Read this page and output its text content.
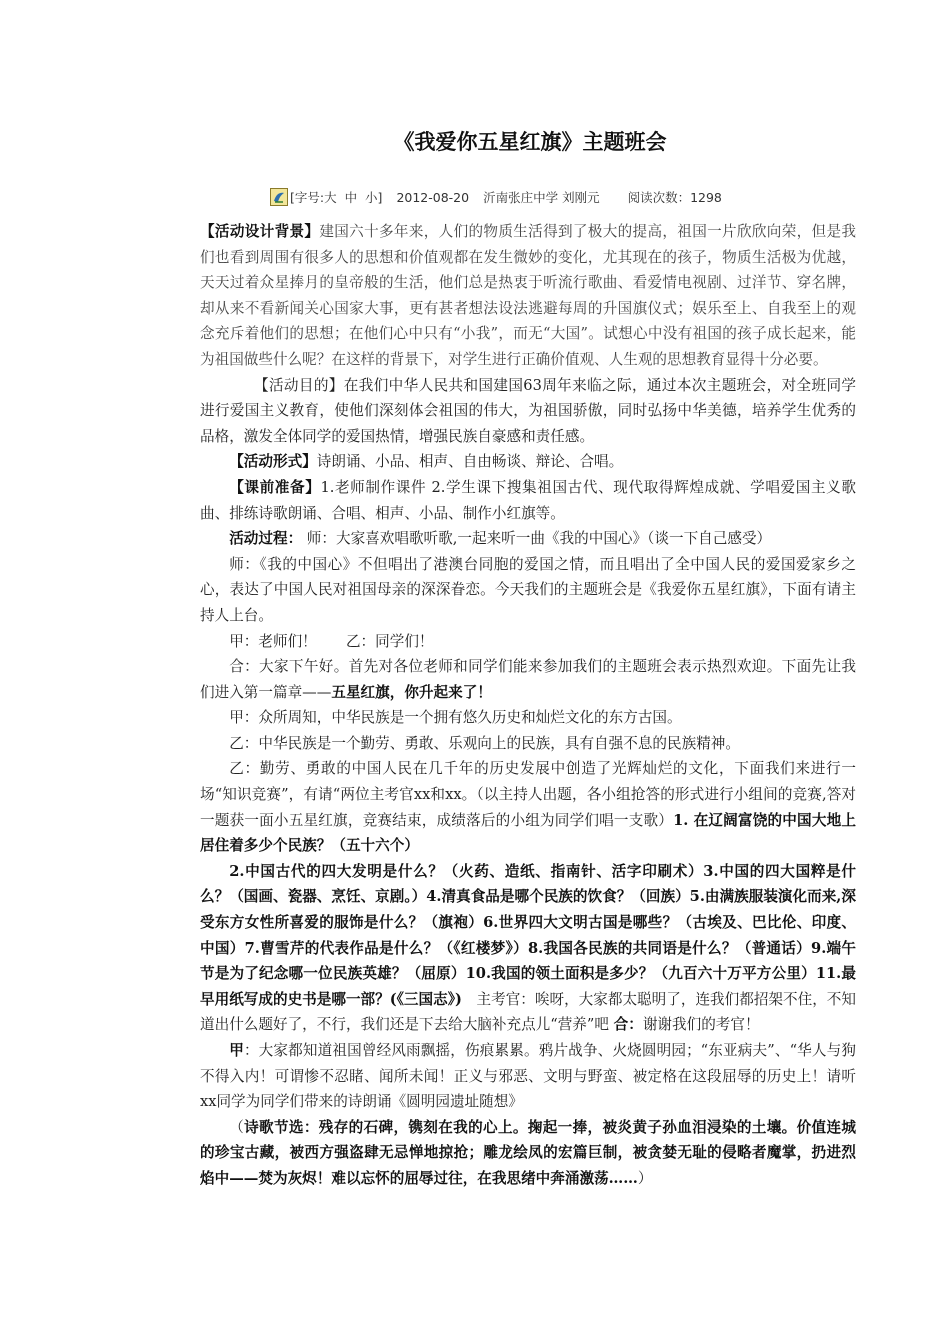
《我爱你五星红旗》主题班会
[字号:大 中 小] 2012-08-20 沂南张庄中学 刘刚元 阅读次数：1298

【活动设计背景】建国六十多年来，人们的物质生活得到了极大的提高，祖国一片欣欣向荣，但是我们也看到周围有很多人的思想和价值观都在发生微妙的变化，尤其现在的孩子，物质生活极为优越，天天过着众星捧月的皇帝般的生活，他们总是热衷于听流行歌曲、看爱情电视剧、过洋节、穿名牌，却从来不看新闻关心国家大事，更有甚者想法设法逃避每周的升国旗仪式；娱乐至上、自我至上的观念充斥着他们的思想；在他们心中只有“小我”，而无“大国”。试想心中没有祖国的孩子成长起来，能为祖国做些什么呢？在这样的背景下，对学生进行正确价值观、人生观的思想教育显得十分必要。

【活动目的】在我们中华人民共和国建国63周年来临之际，通过本次主题班会，对全班同学进行爱国主义教育，使他们深刻体会祖国的伟大，为祖国骄傲，同时弘扬中华美德，培养学生优秀的品格，激发全体同学的爱国热情，增强民族自豪感和责任感。

【活动形式】诗朗诵、小品、相声、自由畅谈、辩论、合唱。

【课前准备】1.老师制作课件 2.学生课下搜集祖国古代、现代取得辉煌成就、学唱爱国主义歌曲、排练诗歌朗诵、合唱、相声、小品、制作小红旗等。

活动过程： 师：大家喜欢唱歌听歌,一起来听一曲《我的中国心》（谈一下自己感受）

师：《我的中国心》不但唱出了港澳台同胞的爱国之情，而且唱出了全中国人民的爱国爱家乡之心，表达了中国人民对祖国母亲的深深眷恋。今天我们的主题班会是《我爱你五星红旗》，下面有请主持人上台。

甲：老师们！　　乙：同学们！

合：大家下午好。首先对各位老师和同学们能来参加我们的主题班会表示热烈欢迎。下面先让我们进入第一篇章——五星红旗，你升起来了！

甲：众所周知，中华民族是一个拥有悠久历史和灿烂文化的东方古国。

乙：中华民族是一个勤劳、勇敢、乐观向上的民族，具有自强不息的民族精神。

乙：勤劳、勇敢的中国人民在几千年的历史发展中创造了光辉灿烂的文化，下面我们来进行一场“知识竞赛”，有请“两位主考官xx和xx。（以主持人出题，各小组抢答的形式进行小组间的竞赛,答对一题获一面小五星红旗，竞赛结束，成绩落后的小组为同学们唱一支歌）1. 在辽阔富饶的中国大地上居住着多少个民族？（五十六个）

2.中国古代的四大发明是什么？（火药、造纸、指南针、活字印刷术）3.中国的四大国粹是什么？（国画、瓷器、烹饪、京剧。）4.清真食品是哪个民族的饮食？（回族）5.由满族服装演化而来,深受东方女性所喜爱的服饰是什么？（旗袍）6.世界四大文明古国是哪些？（古埃及、巴比伦、印度、中国）7.曹雪芹的代表作品是什么？（《红楼梦》）8.我国各民族的共同语是什么？（普通话）9.端午节是为了纪念哪一位民族英雄？（屈原）10.我国的领土面积是多少？（九百六十万平方公里）11.最早用纸写成的史书是哪一部？(《三国志》)　主考官：唉呀，大家都太聪明了，连我们都招架不住，不知道出什么题好了，不行，我们还是下去给大脑补充点儿“营养”吧 合：谢谢我们的考官！

甲：大家都知道祖国曾经风雨飘摇，伤痕累累。鸦片战争、火烧圆明园；“东亚病夫”、“华人与狗不得入内！可谓惨不忍睹、闻所未闻！正义与邪恶、文明与野蛮、被定格在这段屈辱的历史上！请听xx同学为同学们带来的诗朗诵《圆明园遗址随想》

（诗歌节选：残存的石碑，镌刻在我的心上。掬起一捧，被炎黄子孙血泪浸染的土壤。价值连城的珍宝古藏，被西方强盗肆无忌惮地掠抢；雕龙绘凤的宏篇巨制，被贪婪无耻的侵略者魔掌，扔进烈焰中——焚为灰烬！难以忘怀的屈辱过往，在我思绪中奔涌激荡……）
